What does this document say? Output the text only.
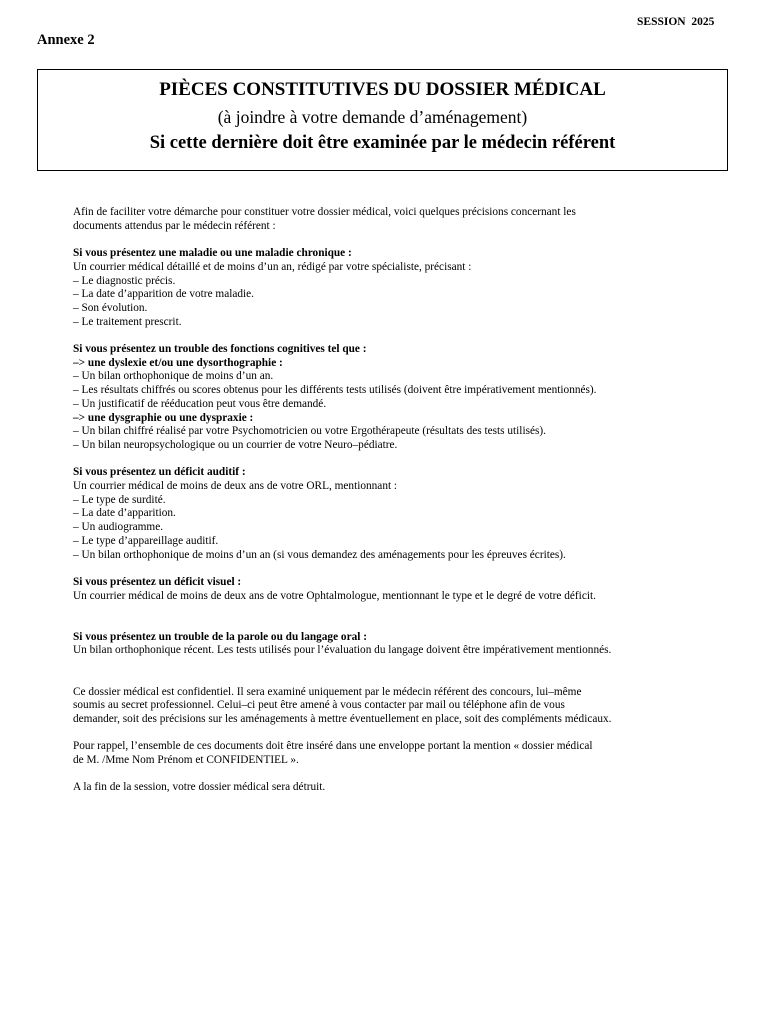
SESSION  2025
Annexe 2
PIÈCES CONSTITUTIVES DU DOSSIER MÉDICAL
(à joindre à votre demande d’aménagement)
Si cette dernière doit être examinée par le médecin référent

Afin de faciliter votre démarche pour constituer votre dossier médical, voici quelques précisions concernant les

documents attendus par le médecin référent :

Si vous présentez une maladie ou une maladie chronique :

Un courrier médical détaillé et de moins d’un an, rédigé par votre spécialiste, précisant :

– Le diagnostic précis.

– La date d’apparition de votre maladie.

– Son évolution.

– Le traitement prescrit.

Si vous présentez un trouble des fonctions cognitives tel que :

–> une dyslexie et/ou une dysorthographie :

– Un bilan orthophonique de moins d’un an.

– Les résultats chiffrés ou scores obtenus pour les différents tests utilisés (doivent être impérativement mentionnés).

– Un justificatif de rééducation peut vous être demandé.

–> une dysgraphie ou une dyspraxie :

– Un bilan chiffré réalisé par votre Psychomotricien ou votre Ergothérapeute (résultats des tests utilisés).

– Un bilan neuropsychologique ou un courrier de votre Neuro–pédiatre.

Si vous présentez un déficit auditif :

Un courrier médical de moins de deux ans de votre ORL, mentionnant :

– Le type de surdité.

– La date d’apparition.

– Un audiogramme.

– Le type d’appareillage auditif.

– Un bilan orthophonique de moins d’un an (si vous demandez des aménagements pour les épreuves écrites).

Si vous présentez un déficit visuel :

Un courrier médical de moins de deux ans de votre Ophtalmologue, mentionnant le type et le degré de votre déficit.

Si vous présentez un trouble de la parole ou du langage oral :

Un bilan orthophonique récent. Les tests utilisés pour l’évaluation du langage doivent être impérativement mentionnés.

Ce dossier médical est confidentiel. Il sera examiné uniquement par le médecin référent des concours, lui–même

soumis au secret professionnel. Celui–ci peut être amené à vous contacter par mail ou téléphone afin de vous

demander, soit des précisions sur les aménagements à mettre éventuellement en place, soit des compléments médicaux.

Pour rappel, l’ensemble de ces documents doit être inséré dans une enveloppe portant la mention « dossier médical

de M. /Mme Nom Prénom et CONFIDENTIEL ».

A la fin de la session, votre dossier médical sera détruit.
